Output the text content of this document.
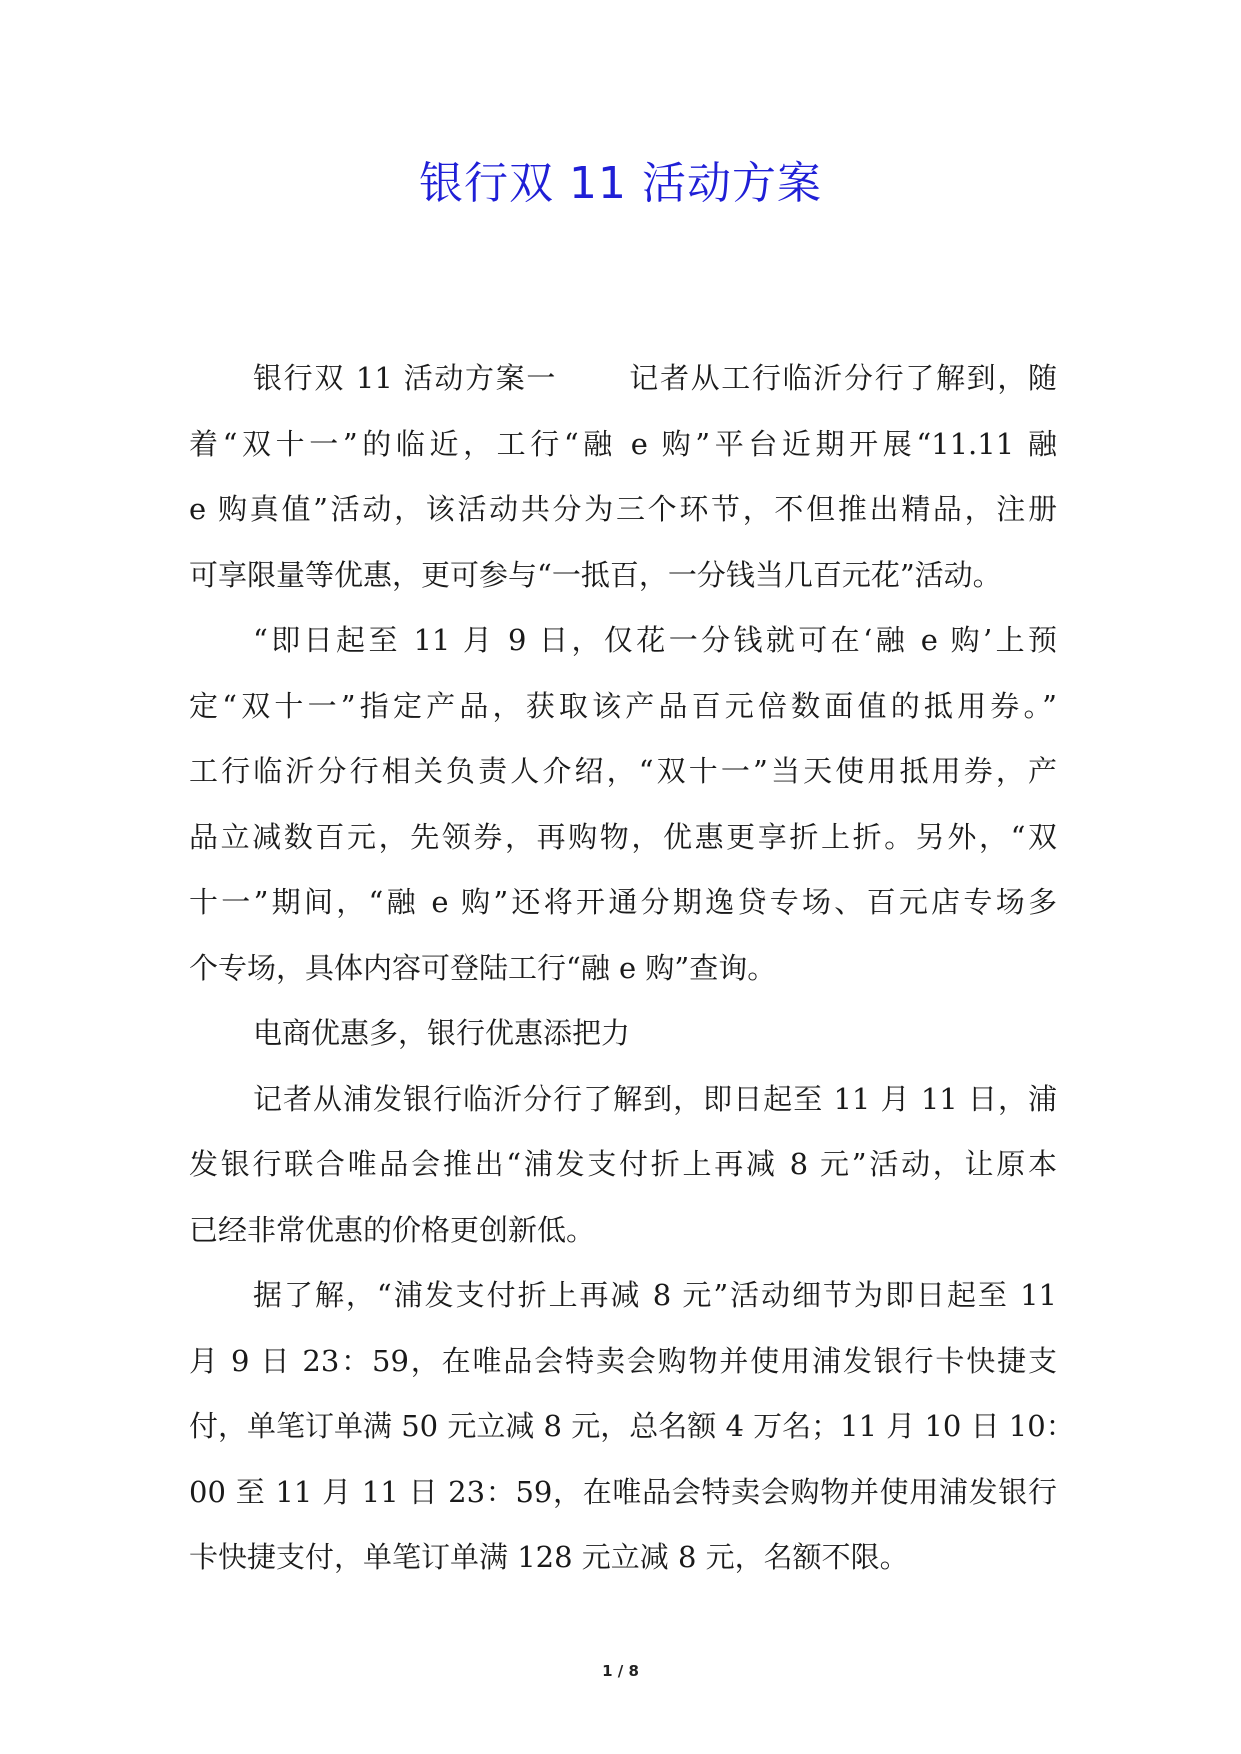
银行双 11 活动方案
银行双 11 活动方案一　　 记者从工行临沂分行了解到，随
着“双十一”的临近，工行“融 e 购”平台近期开展“11.11 融
e 购真值”活动，该活动共分为三个环节，不但推出精品，注册
可享限量等优惠，更可参与“一抵百，一分钱当几百元花”活动。
“即日起至 11 月 9 日，仅花一分钱就可在‘融 e 购’上预
定“双十一”指定产品，获取该产品百元倍数面值的抵用券。”
工行临沂分行相关负责人介绍，“双十一”当天使用抵用券，产
品立减数百元，先领券，再购物，优惠更享折上折。另外，“双
十一”期间，“融 e 购”还将开通分期逸贷专场、百元店专场多
个专场，具体内容可登陆工行“融 e 购”查询。
电商优惠多，银行优惠添把力
记者从浦发银行临沂分行了解到，即日起至 11 月 11 日，浦
发银行联合唯品会推出“浦发支付折上再减 8 元”活动，让原本
已经非常优惠的价格更创新低。
据了解，“浦发支付折上再减 8 元”活动细节为即日起至 11
月 9 日 23：59，在唯品会特卖会购物并使用浦发银行卡快捷支
付，单笔订单满 50 元立减 8 元，总名额 4 万名；11 月 10 日 10：
00 至 11 月 11 日 23：59，在唯品会特卖会购物并使用浦发银行
卡快捷支付，单笔订单满 128 元立减 8 元，名额不限。
1 / 8
